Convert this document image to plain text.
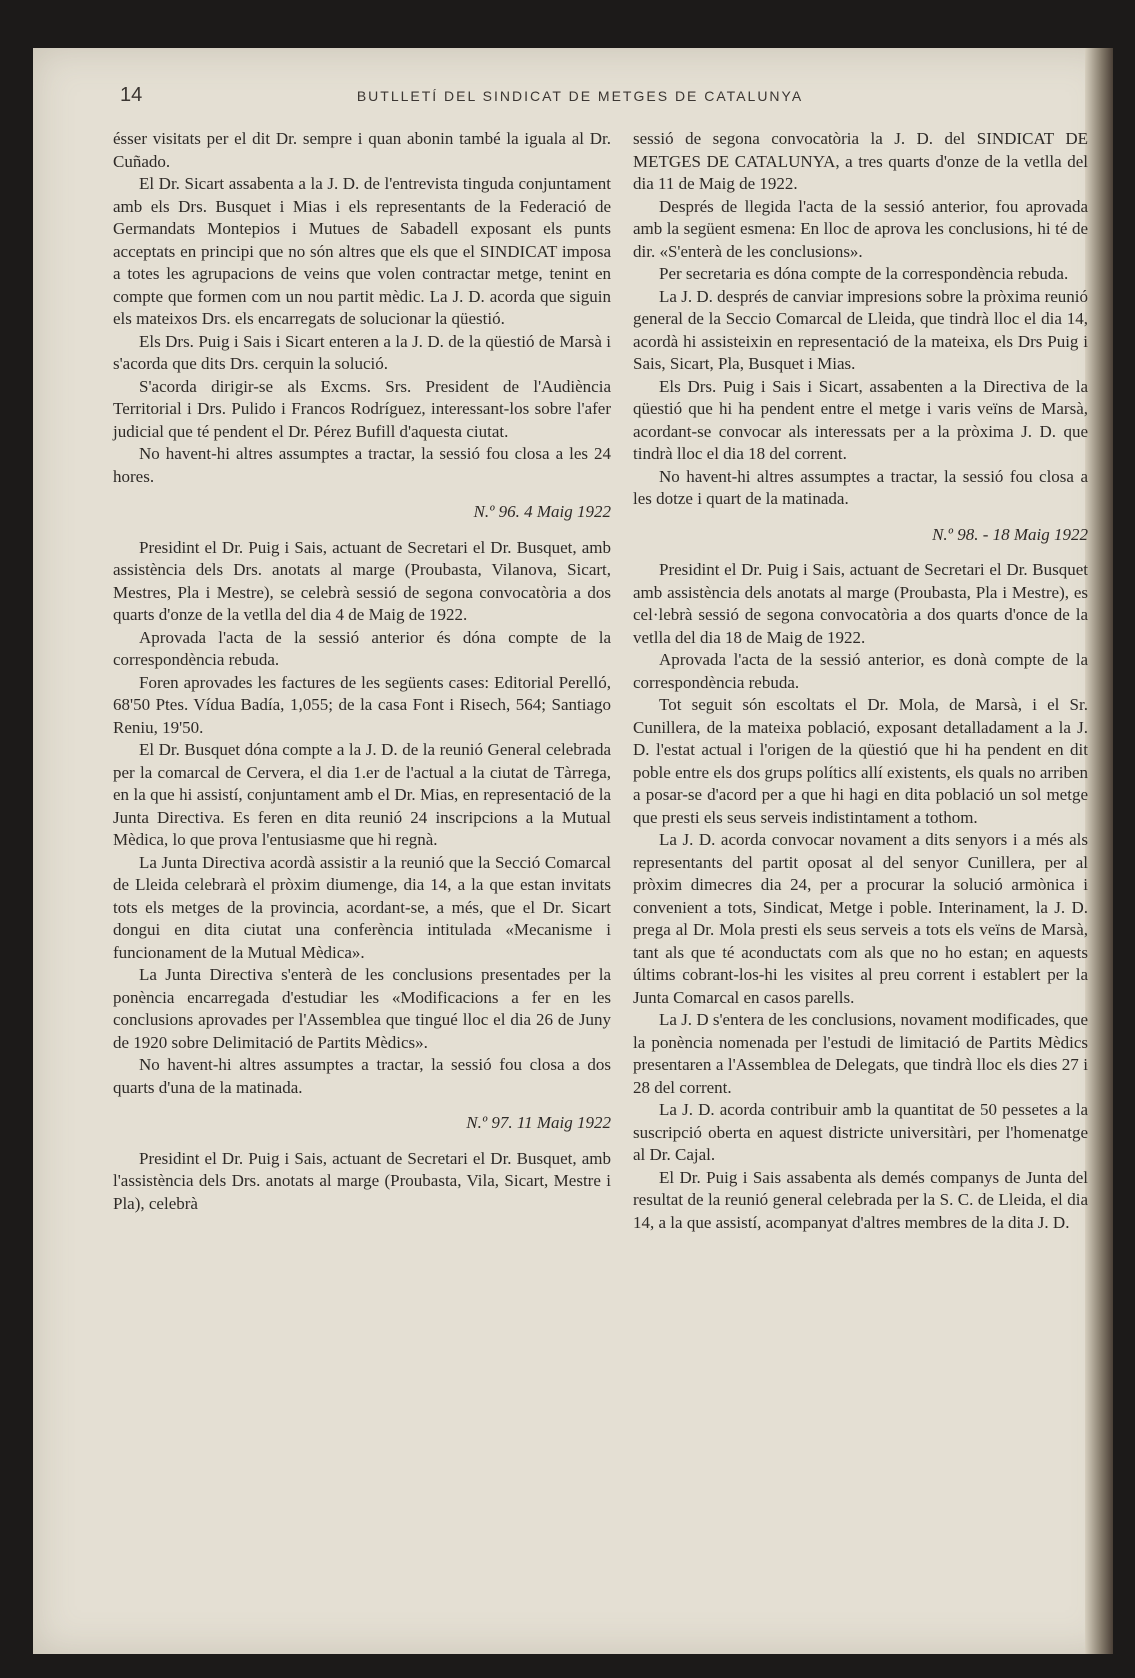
14	BUTLLETÍ DEL SINDICAT DE METGES DE CATALUNYA

ésser visitats per el dit Dr. sempre i quan abonin també la iguala al Dr. Cuñado.

El Dr. Sicart assabenta a la J. D. de l'entrevista tinguda conjuntament amb els Drs. Busquet i Mias i els representants de la Federació de Germandats Montepios i Mutues de Sabadell exposant els punts acceptats en principi que no són altres que els que el SINDICAT imposa a totes les agrupacions de veins que volen contractar metge, tenint en compte que formen com un nou partit mèdic. La J. D. acorda que siguin els mateixos Drs. els encarregats de solucionar la qüestió.

Els Drs. Puig i Sais i Sicart enteren a la J. D. de la qüestió de Marsà i s'acorda que dits Drs. cerquin la solució.

S'acorda dirigir-se als Excms. Srs. President de l'Audiència Territorial i Drs. Pulido i Francos Rodríguez, interessant-los sobre l'afer judicial que té pendent el Dr. Pérez Bufill d'aquesta ciutat.

No havent-hi altres assumptes a tractar, la sessió fou closa a les 24 hores.

N.º 96. 4 Maig 1922

Presidint el Dr. Puig i Sais, actuant de Secretari el Dr. Busquet, amb assistència dels Drs. anotats al marge (Proubasta, Vilanova, Sicart, Mestres, Pla i Mestre), se celebrà sessió de segona convocatòria a dos quarts d'onze de la vetlla del dia 4 de Maig de 1922.

Aprovada l'acta de la sessió anterior és dóna compte de la correspondència rebuda.

Foren aprovades les factures de les següents cases: Editorial Perelló, 68'50 Ptes. Vídua Badía, 1,055; de la casa Font i Risech, 564; Santiago Reniu, 19'50.

El Dr. Busquet dóna compte a la J. D. de la reunió General celebrada per la comarcal de Cervera, el dia 1.er de l'actual a la ciutat de Tàrrega, en la que hi assistí, conjuntament amb el Dr. Mias, en representació de la Junta Directiva. Es feren en dita reunió 24 inscripcions a la Mutual Mèdica, lo que prova l'entusiasme que hi regnà.

La Junta Directiva acordà assistir a la reunió que la Secció Comarcal de Lleida celebrarà el pròxim diumenge, dia 14, a la que estan invitats tots els metges de la provincia, acordant-se, a més, que el Dr. Sicart dongui en dita ciutat una conferència intitulada «Mecanisme i funcionament de la Mutual Mèdica».

La Junta Directiva s'enterà de les conclusions presentades per la ponència encarregada d'estudiar les «Modificacions a fer en les conclusions aprovades per l'Assemblea que tingué lloc el dia 26 de Juny de 1920 sobre Delimitació de Partits Mèdics».

No havent-hi altres assumptes a tractar, la sessió fou closa a dos quarts d'una de la matinada.

N.º 97. 11 Maig 1922

Presidint el Dr. Puig i Sais, actuant de Secretari el Dr. Busquet, amb l'assistència dels Drs. anotats al marge (Proubasta, Vila, Sicart, Mestre i Pla), celebrà

sessió de segona convocatòria la J. D. del SINDICAT DE METGES DE CATALUNYA, a tres quarts d'onze de la vetlla del dia 11 de Maig de 1922.

Després de llegida l'acta de la sessió anterior, fou aprovada amb la següent esmena: En lloc de aprova les conclusions, hi té de dir. «S'enterà de les conclusions».

Per secretaria es dóna compte de la correspondència rebuda.

La J. D. després de canviar impresions sobre la pròxima reunió general de la Seccio Comarcal de Lleida, que tindrà lloc el dia 14, acordà hi assisteixin en representació de la mateixa, els Drs Puig i Sais, Sicart, Pla, Busquet i Mias.

Els Drs. Puig i Sais i Sicart, assabenten a la Directiva de la qüestió que hi ha pendent entre el metge i varis veïns de Marsà, acordant-se convocar als interessats per a la pròxima J. D. que tindrà lloc el dia 18 del corrent.

No havent-hi altres assumptes a tractar, la sessió fou closa a les dotze i quart de la matinada.

N.º 98. - 18 Maig 1922

Presidint el Dr. Puig i Sais, actuant de Secretari el Dr. Busquet amb assistència dels anotats al marge (Proubasta, Pla i Mestre), es cel·lebrà sessió de segona convocatòria a dos quarts d'once de la vetlla del dia 18 de Maig de 1922.

Aprovada l'acta de la sessió anterior, es donà compte de la correspondència rebuda.

Tot seguit són escoltats el Dr. Mola, de Marsà, i el Sr. Cunillera, de la mateixa població, exposant detalladament a la J. D. l'estat actual i l'origen de la qüestió que hi ha pendent en dit poble entre els dos grups polítics allí existents, els quals no arriben a posar-se d'acord per a que hi hagi en dita població un sol metge que presti els seus serveis indistintament a tothom.

La J. D. acorda convocar novament a dits senyors i a més als representants del partit oposat al del senyor Cunillera, per al pròxim dimecres dia 24, per a procurar la solució armònica i convenient a tots, Sindicat, Metge i poble. Interinament, la J. D. prega al Dr. Mola presti els seus serveis a tots els veïns de Marsà, tant als que té aconductats com als que no ho estan; en aquests últims cobrant-los-hi les visites al preu corrent i establert per la Junta Comarcal en casos parells.

La J. D s'entera de les conclusions, novament modificades, que la ponència nomenada per l'estudi de limitació de Partits Mèdics presentaren a l'Assemblea de Delegats, que tindrà lloc els dies 27 i 28 del corrent.

La J. D. acorda contribuir amb la quantitat de 50 pessetes a la suscripció oberta en aquest districte universitàri, per l'homenatge al Dr. Cajal.

El Dr. Puig i Sais assabenta als demés companys de Junta del resultat de la reunió general celebrada per la S. C. de Lleida, el dia 14, a la que assistí, acompanyat d'altres membres de la dita J. D.
